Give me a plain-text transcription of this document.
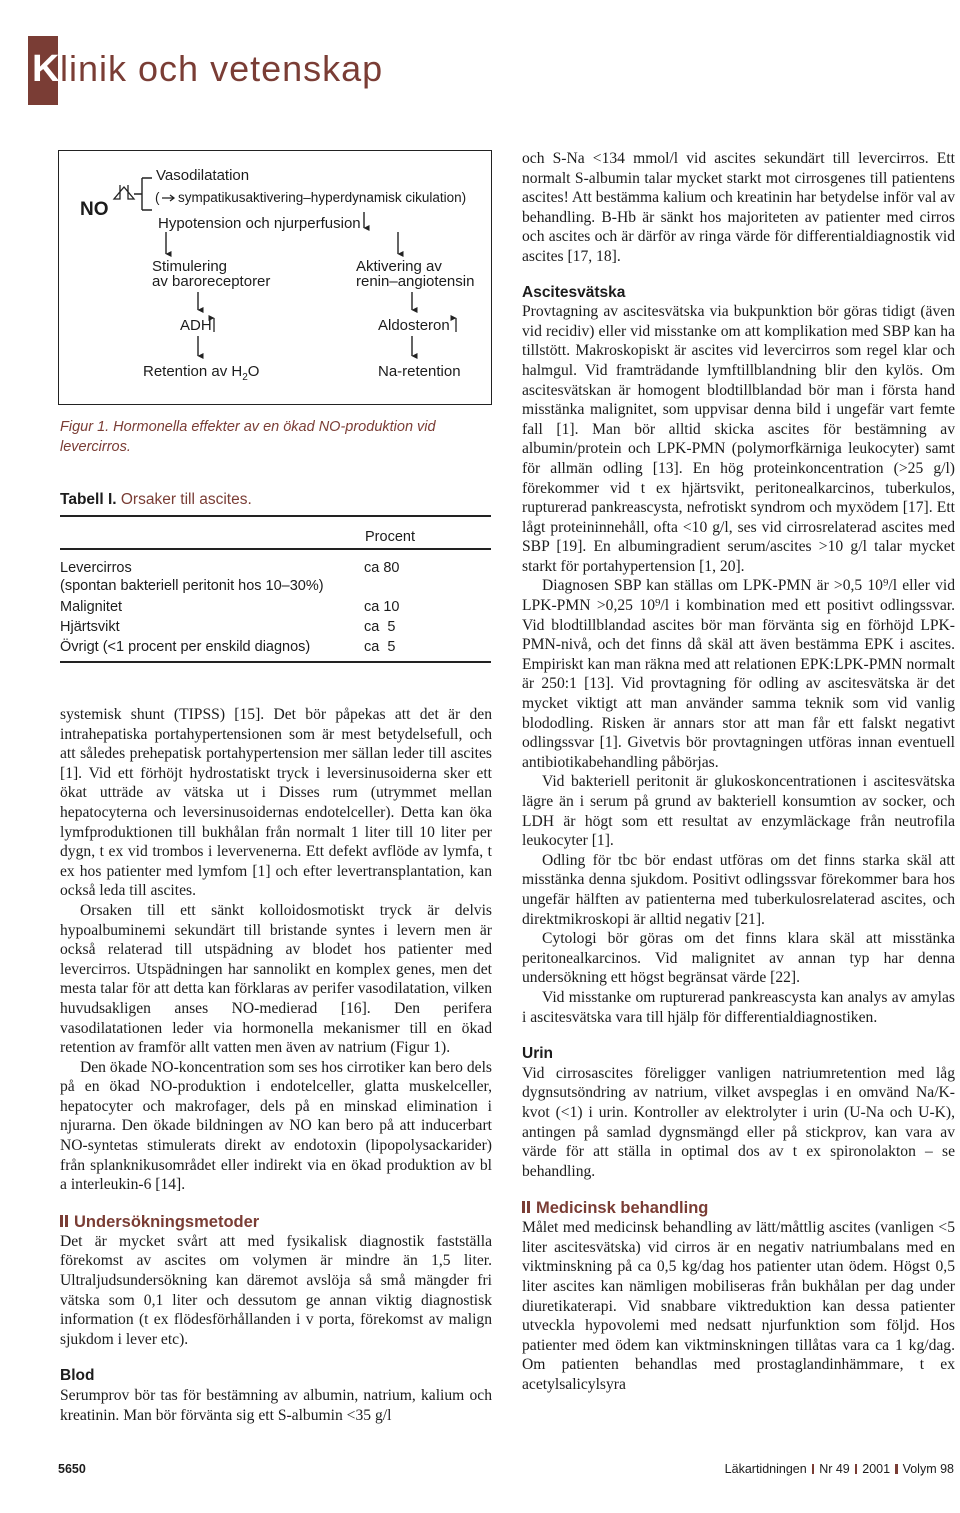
K linik och vetenskap
NO
Vasodilatation
( sympatikusaktivering–hyperdynamisk cikulation)
Hypotension och njurperfusion
Stimulering
av baroreceptorer
Aktivering av
renin–angiotensin
ADH	Aldosteron
Retention av $H_2O$	Na-retention
Figur 1. Hormonella effekter av en ökad NO-produktion vid levercirros.
Tabell I. Orsaker till ascites.
Procent
Levercirros	ca 80
(spontan bakteriell peritonit hos 10–30%)
Malignitet	ca 10
Hjärtsvikt	ca  5
Övrigt (<1 procent per enskild diagnos)	ca  5

systemisk shunt (TIPSS) [15]. Det bör påpekas att det är den intrahepatiska portahypertensionen som är mest betydelsefull, och att således prehepatisk portahypertension mer sällan leder till ascites [1]. Vid ett förhöjt hydrostatiskt tryck i leversinusoiderna sker ett ökat utträde av vätska ut i Disses rum (utrymmet mellan hepatocyterna och leversinusoidernas endotelceller). Detta kan öka lymfproduktionen till bukhålan från normalt 1 liter till 10 liter per dygn, t ex vid trombos i levervenerna. Ett defekt avflöde av lymfa, t ex hos patienter med lymfom [1] och efter levertransplantation, kan också leda till ascites.

Orsaken till ett sänkt kolloidosmotiskt tryck är delvis hypoalbuminemi sekundärt till bristande syntes i levern men är också relaterad till utspädning av blodet hos patienter med levercirros. Utspädningen har sannolikt en komplex genes, men det mesta talar för att detta kan förklaras av perifer vasodilatation, vilken huvudsakligen anses NO-medierad [16]. Den perifera vasodilatationen leder via hormonella mekanismer till en ökad retention av framför allt vatten men även av natrium (Figur 1).

Den ökade NO-koncentration som ses hos cirrotiker kan bero dels på en ökad NO-produktion i endotelceller, glatta muskelceller, hepatocyter och makrofager, dels på en minskad elimination i njurarna. Den ökade bildningen av NO kan bero på att inducerbart NO-syntetas stimulerats direkt av endotoxin (lipopolysackarider) från splanknikusområdet eller indirekt via en ökad produktion av bl a interleukin-6 [14].

Undersökningsmetoder

Det är mycket svårt att med fysikalisk diagnostik fastställa förekomst av ascites om volymen är mindre än 1,5 liter. Ultraljudsundersökning kan däremot avslöja så små mängder fri vätska som 0,1 liter och dessutom ge annan viktig diagnostisk information (t ex flödesförhållanden i v porta, förekomst av malign sjukdom i lever etc).

Blod

Serumprov bör tas för bestämning av albumin, natrium, kalium och kreatinin. Man bör förvänta sig ett S-albumin <35 g/l

och S-Na <134 mmol/l vid ascites sekundärt till levercirros. Ett normalt S-albumin talar mycket starkt mot cirrosgenes till patientens ascites! Att bestämma kalium och kreatinin har betydelse inför val av behandling. B-Hb är sänkt hos majoriteten av patienter med cirros och ascites och är därför av ringa värde för differentialdiagnostik vid ascites [17, 18].

Ascitesvätska

Provtagning av ascitesvätska via bukpunktion bör göras tidigt (även vid recidiv) eller vid misstanke om att komplikation med SBP kan ha tillstött. Makroskopiskt är ascites vid levercirros som regel klar och halmgul. Vid framträdande lymftillblandning blir den kylös. Om ascitesvätskan är homogent blodtillblandad bör man i första hand misstänka malignitet, som uppvisar denna bild i ungefär vart femte fall [1]. Man bör alltid skicka ascites för bestämning av albumin/protein och LPK-PMN (polymorfkärniga leukocyter) samt för allmän odling [13]. En hög proteinkoncentration (>25 g/l) förekommer vid t ex hjärtsvikt, peritonealkarcinos, tuberkulos, rupturerad pankreascysta, nefrotiskt syndrom och myxödem [17]. Ett lågt proteininnehåll, ofta <10 g/l, ses vid cirrosrelaterad ascites med SBP [19]. En albumingradient serum/ascites >10 g/l talar mycket starkt för portahypertension [1, 20].

Diagnosen SBP kan ställas om LPK-PMN är >0,5 10⁹/l eller vid LPK-PMN >0,25 10⁹/l i kombination med ett positivt odlingssvar. Vid blodtillblandad ascites bör man förvänta sig en förhöjd LPK-PMN-nivå, och det finns då skäl att även bestämma EPK i ascites. Empiriskt kan man räkna med att relationen EPK:LPK-PMN normalt är 250:1 [13]. Vid provtagning för odling av ascitesvätska är det mycket viktigt att man använder samma teknik som vid vanlig blododling. Risken är annars stor att man får ett falskt negativt odlingssvar [1]. Givetvis bör provtagningen utföras innan eventuell antibiotikabehandling påbörjas.

Vid bakteriell peritonit är glukoskoncentrationen i ascitesvätska lägre än i serum på grund av bakteriell konsumtion av socker, och LDH är högt som ett resultat av enzymläckage från neutrofila leukocyter [1].

Odling för tbc bör endast utföras om det finns starka skäl att misstänka denna sjukdom. Positivt odlingssvar förekommer bara hos ungefär hälften av patienterna med tuberkulosrelaterad ascites, och direktmikroskopi är alltid negativ [21].

Cytologi bör göras om det finns klara skäl att misstänka peritonealkarcinos. Vid malignitet av annan typ har denna undersökning ett högst begränsat värde [22].

Vid misstanke om rupturerad pankreascysta kan analys av amylas i ascitesvätska vara till hjälp för differentialdiagnostiken.

Urin

Vid cirrosascites föreligger vanligen natriumretention med låg dygnsutsöndring av natrium, vilket avspeglas i en omvänd Na/K-kvot (<1) i urin. Kontroller av elektrolyter i urin (U-Na och U-K), antingen på samlad dygnsmängd eller på stickprov, kan vara av värde för att ställa in optimal dos av t ex spironolakton – se behandling.

Medicinsk behandling

Målet med medicinsk behandling av lätt/måttlig ascites (vanligen <5 liter ascitesvätska) vid cirros är en negativ natriumbalans med en viktminskning på ca 0,5 kg/dag hos patienter utan ödem. Högst 0,5 liter ascites kan nämligen mobiliseras från bukhålan per dag under diuretikaterapi. Vid snabbare viktreduktion kan dessa patienter utveckla hypovolemi med nedsatt njurfunktion som följd. Hos patienter med ödem kan viktminskningen tillåtas vara ca 1 kg/dag. Om patienten behandlas med prostaglandinhämmare, t ex acetylsalicylsyra

5650	Läkartidningen Nr 49 2001 Volym 98
